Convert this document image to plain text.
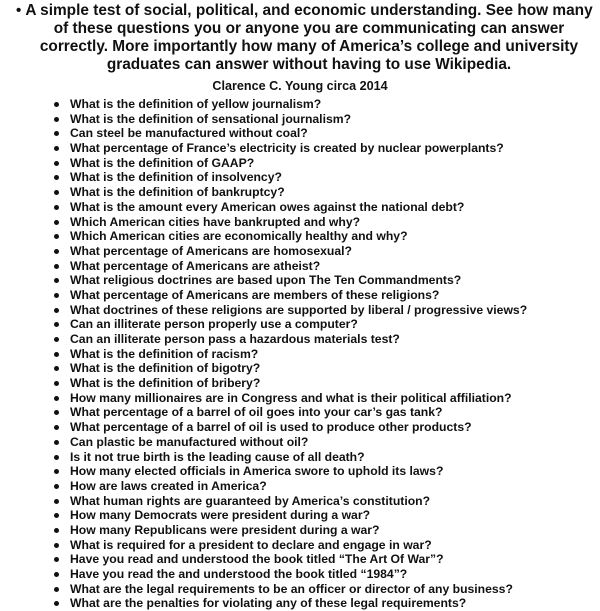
• A simple test of social, political, and economic understanding. See how many of these questions you or anyone you are communicating can answer correctly. More importantly how many of America’s college and university graduates can answer without having to use Wikipedia.
Clarence C. Young circa 2014
What is the definition of yellow journalism?
What is the definition of sensational journalism?
Can steel be manufactured without coal?
What percentage of France’s electricity is created by nuclear powerplants?
What is the definition of GAAP?
What is the definition of insolvency?
What is the definition of bankruptcy?
What is the amount every American owes against the national debt?
Which American cities have bankrupted and why?
Which American cities are economically healthy and why?
What percentage of Americans are homosexual?
What percentage of Americans are atheist?
What religious doctrines are based upon The Ten Commandments?
What percentage of Americans are members of these religions?
What doctrines of these religions are supported by liberal / progressive views?
Can an illiterate person properly use a computer?
Can an illiterate person pass a hazardous materials test?
What is the definition of racism?
What is the definition of bigotry?
What is the definition of bribery?
How many millionaires are in Congress and what is their political affiliation?
What percentage of a barrel of oil goes into your car’s gas tank?
What percentage of a barrel of oil is used to produce other products?
Can plastic be manufactured without oil?
Is it not true birth is the leading cause of all death?
How many elected officials in America swore to uphold its laws?
How are laws created in America?
What human rights are guaranteed by America’s constitution?
How many Democrats were president during a war?
How many Republicans were president during a war?
What is required for a president to declare and engage in war?
Have you read and understood the book titled “The Art Of War”?
Have you read the and understood the book titled “1984”?
What are the legal requirements to be an officer or director of any business?
What are the penalties for violating any of these legal requirements?
